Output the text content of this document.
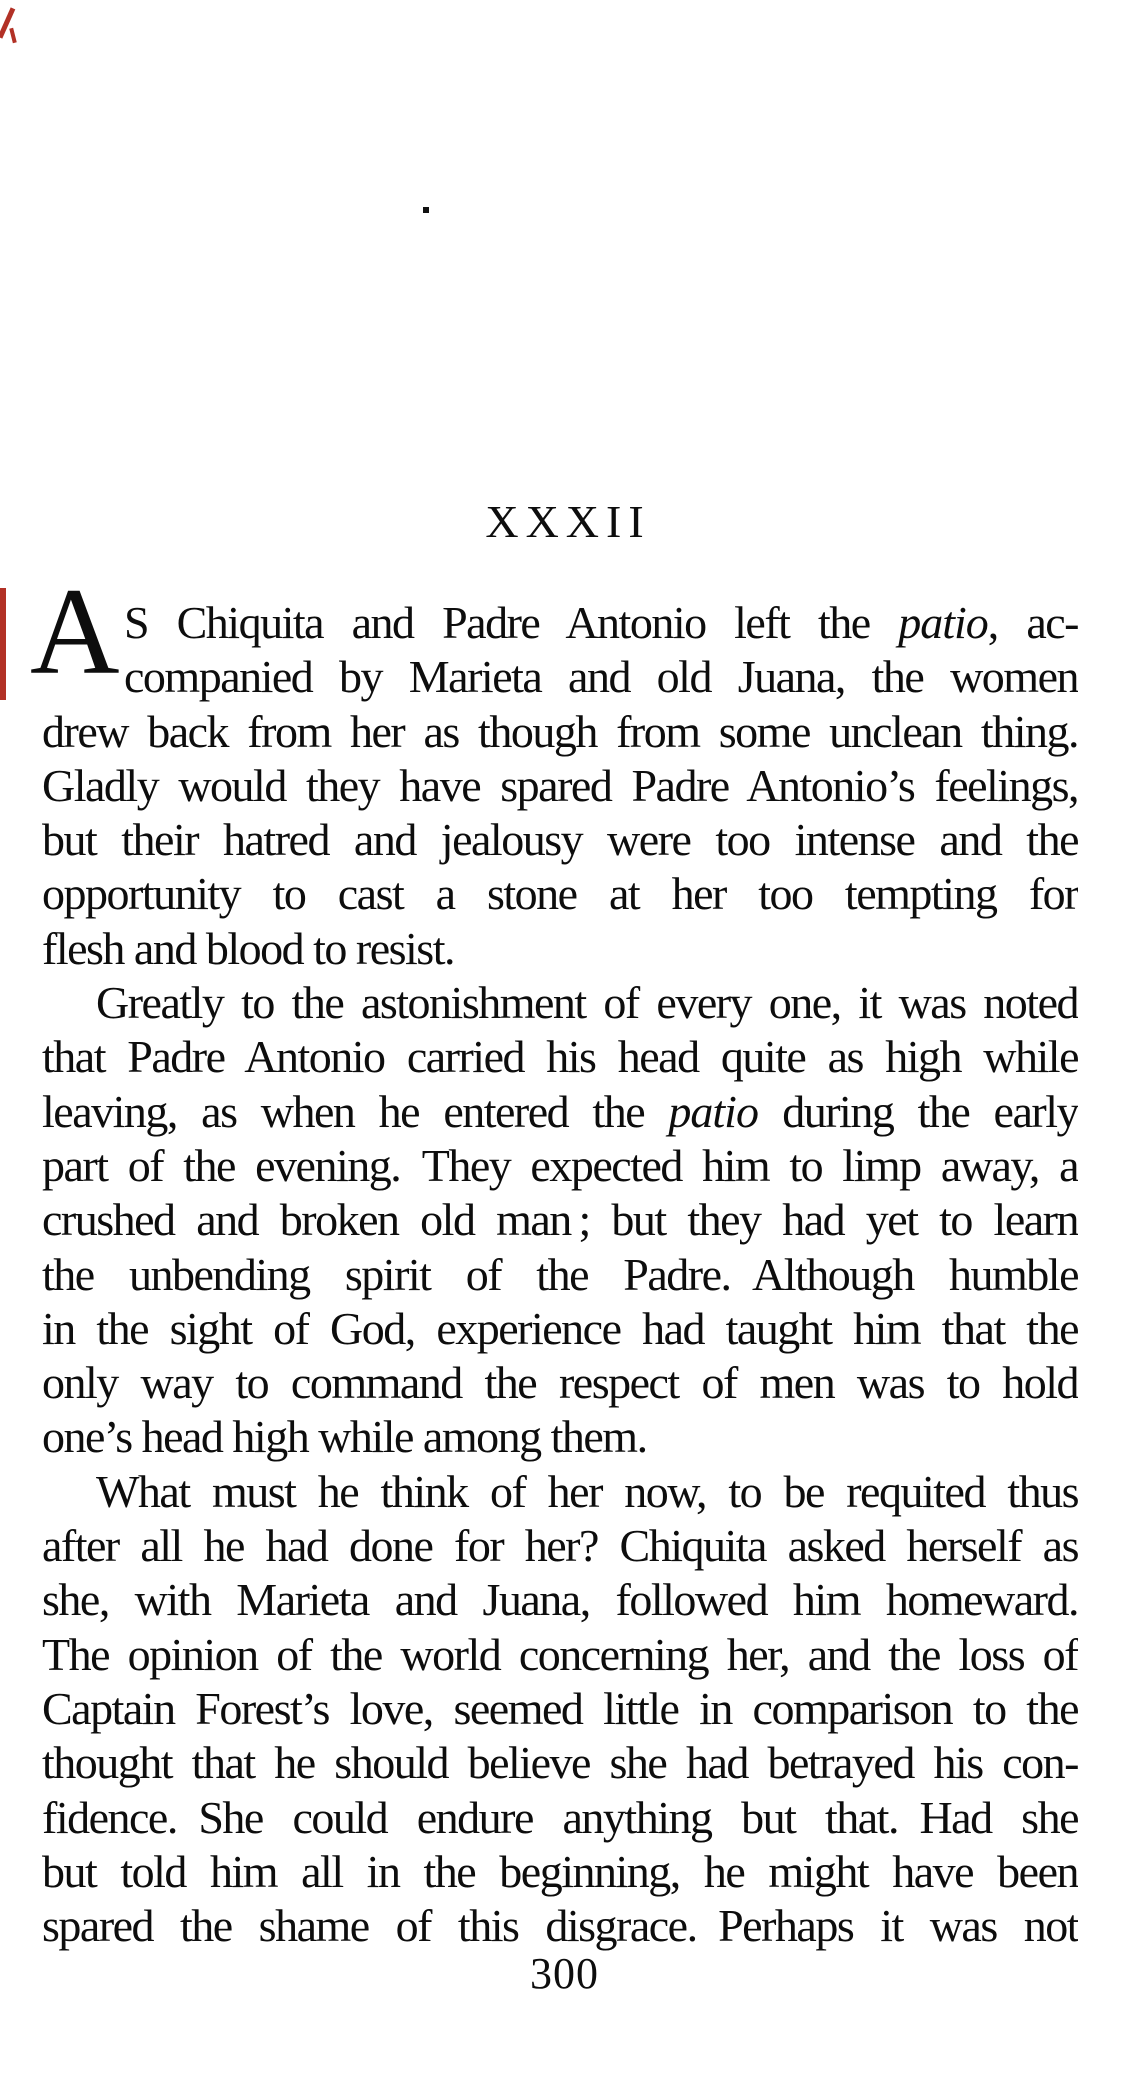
XXXII
A S Chiquita and Padre Antonio left the patio, ac-
companied by Marieta and old Juana, the women
drew back from her as though from some unclean thing.
Gladly would they have spared Padre Antonio’s feelings,
but their hatred and jealousy were too intense and the
opportunity to cast a stone at her too tempting for
flesh and blood to resist.
Greatly to the astonishment of every one, it was noted
that Padre Antonio carried his head quite as high while
leaving, as when he entered the patio during the early
part of the evening. They expected him to limp away, a
crushed and broken old man ; but they had yet to learn
the unbending spirit of the Padre. Although humble
in the sight of God, experience had taught him that the
only way to command the respect of men was to hold
one’s head high while among them.
What must he think of her now, to be requited thus
after all he had done for her? Chiquita asked herself as
she, with Marieta and Juana, followed him homeward.
The opinion of the world concerning her, and the loss of
Captain Forest’s love, seemed little in comparison to the
thought that he should believe she had betrayed his con-
fidence. She could endure anything but that. Had she
but told him all in the beginning, he might have been
spared the shame of this disgrace. Perhaps it was not
300
